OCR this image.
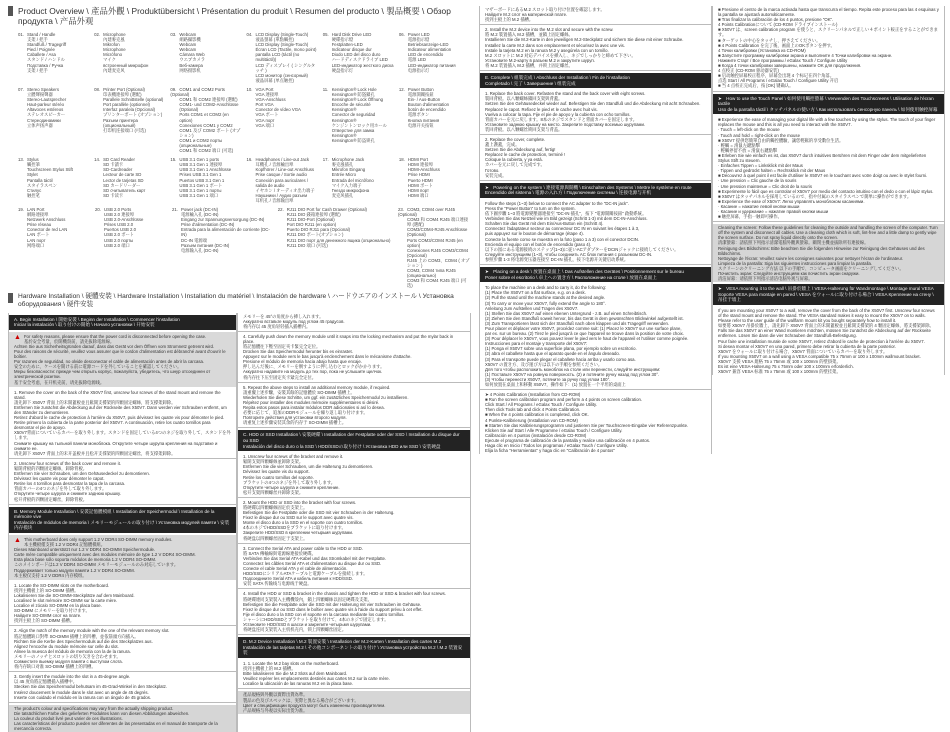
Product Overview \ 產品外觀 \ Produktübersicht \ Présentation du produit \ Resumen del producto \ 製品概要 \ Обзор продукта \ 产品外观
01. Stand / Handle
支架 / 把手
Standfuß / Tragegriff
Pied / Poignée
Caballete / Asa
スタンド / ハンドル
Подставка / Ручка
支架 / 把手
02. Microphone
內建麥克風
Mikrofon
Microphone
Micrófono
マイク
встроенный микрофон
內建麦克风
03. Webcam
網路攝影機
Webcam
Webcam
Cámara Web
ウエブカメラ
Веб-камера
网络摄影机
04. LCD Display (Single-Touch)
液晶螢幕 (單點觸控)
LCD Display (Single-Touch)
Écran LCD (Tactile, mono point)
pantalla LCD (táctil (no multitáctil))
LCD ディスプレイ ( シングルタッチ )
LCD монитор (сенсорный)
液晶屏幕 (单点触控)
05. Hard Disk Drive LED
硬碟指示燈
Festplatten-LED
Indicateur disque dur
Diodo LED del disco duro
ハードディスクドライブ LED
LED-индикатор жесткого диска
硬盘指示灯
06. Power LED
電源指示燈
Betriebsanzeige-LED
Indicateur alimentation
LED de encendido
電源 LED
LED-индикатор питания
电源指示灯
07. Stereo Speakers
立體聲揚聲器
Stereo-Lautsprecher
Haut-parleur stéréo
Altavoces estéreos
ステレオスピーカー
Стереодинамики
立体声扬声器
08. Printer Port (Optional)
印表機連接埠 (選配)
Parallele Schnittstelle (optional)
Port parallèle (optionnel)
Interfaz paralela (Opcional)
プリンターポート (オプション)
Разъем принтера (опциональный)
打印机连接端口 (可选)
09. COM1 and COM2 Ports (Optional)
COM1 和 COM2 連接埠 (選配)
COM1- und COM2-Anschlüsse (Optional)
Ports COM1 et COM2 (en option)
Conexiones COM1 y COM2
COM1 及び COM2 ポート (オプション)
COM1 и COM2 порты (опциональные)
COM1 和 COM2 端口 (可选)
10. VGA Port
VGA 連接埠
VGA-Anschluss
Port VGA
Conector de vídeo VGA
VGA ポート
VGA порт
VGA 端口
11. Kensington® Lock Hole
Kensington® 防盜鎖孔
Kensington® Lock Öffnung
Encoche de sécurité Kensington®
Conector de seguridad Kensington®
ケンジントンロック用ホール
Отверстие для замка Kensington®
Kensington® 防盗锁孔
12. Power Button
電源開關按鈕
Ein- / Aus-Button
Bouton d'alimentation
botón de encendido
電源ボタン
Кнопка питания
电源开关按钮
13. Stylus
觸控筆
Touchscreen Stylus Stift
Stylet
Pantalla táctil
スタイラスペン
Стилус
触控笔
14. SD Card Reader
SD 卡讀卡
SD-Cardreader
Lecteur de carte SD
Lector de tarjetas SD
SD カードリーダー
SD считыватель карт
SD 卡读卡
15. USB 3.1 Gen 1 ports
USB 3.1 Gen 1 連接埠
USB 3.1 Gen 1 Anschlüsse
Prises USB 3.1 Gen 1
Puertos USB 3.1 Gen 1
USB 3.1 Gen 1 ポート
USB 3.1 Gen 1 порты
USB 3.1 Gen 1 端口
16. Headphones / Line-out Jack
耳機孔 / 音源輸出埠
Kopfhörer / Line-out Anschluss
Prise casque / Sortie audio
Conexión para auriculares / salida de audio
イヤホン / オーディオ出力端子
Наушники / Аудио разъем
耳机孔 / 音源输出埠
17. Microphone Jack
麥克風插孔
Mikrofon Eingang
Entrée Micro
Entrada del micrófono
マイク入力端子
Гнездо микрофона
麦克风插孔
18. HDMI Port
HDMI 連接埠
HDMI-Anschluss
Prise HDMI
Puerto HDMI
HDMI ポート
HDMI порт
HDMI 端口
19. LAN Port
網路連接埠
Netzwerk Anschluss
Prise réseau
Conector de red LAN
LAN ポート
LAN порт
网络端口
20. USB 2.0 Ports
USB 2.0 連接埠
USB 2.0-Anschlüsse
Prises USB 2.0
Puertos USB 2.0
USB 2.0 ポート
USB 2.0 порты
USB 2.0 端口
21. Power jack (DC-IN)
電源輸入孔 (DC-IN)
Eingang zur Spannungsversorgung (DC-IN)
Prise d'alimentation (DC-IN)
Entrada para la alimentación de corriente (DC-IN)
DC-IN 電源端
Разъем питания (DC-IN)
电源输入孔 (DC-IN)
22. RJ11 DIO Port for Cash Drawer (Optional)
RJ11 DIO 錢箱連接埠 (選配)
RJ11 DIO-Port (Optional)
Port DIO RJ11 (en option)
Puerto DIO RJ11 para (Opcional)
RJ11 DIO ポート(オプション)
RJ11 DIO порт для денежного ящика (опционально)
RJ11 DIO 端口 (可选)
23. COM3, COM4 over RJ45 (Optional)
COM3 和 COM4 RJ45 端口連接埠 (選配)
COM3/COM4-RJ45 Anschlüsse (Optional)
Ports COM3/COM4 RJ45 (en option)
Conexiones RJ45 COM3/COM4 (Opcional)
RJ45 上の COM3、COM4 ( オプション )
COM3, COM4 типа RJ45 (опционально)
COM3 和 COM4 RJ45 端口 (可选)
Hardware Installation \ 硬體安裝 \ Hardware Installation \ Installation du matériel \ Instalación de hardware \ ハードウエアのインストール \ Установка оборудования \ 硬件安装
A. Begin Installation \ 開始安裝 \ Beginn der Installation \ Commencer l'installation
Iniciar la instalación \ 取り付けの開始 \ Начало установки \ 开始安装
▲ For safety reasons, please ensure that the power cord is disconnected before opening the case.
基於安全考量，於開機殼前，請先拔除電源線。
Achten Sie aus Sicherheitsgründen darauf, dass das Gerät vor dem Öffnen vom Stromnetz getrennt wird.
Pour des raisons de sécurité, veuillez vous assurer que le cordon d'alimentation est débranché avant d'ouvrir le boîtier.
Por razones de seguridad, no olvide desconectar el cable de alimentación antes de abrir la carcasa.
安全のために、ケースを開ける前に電源コードを外していることを確認してください。
Меры безопасности: прежде чем открыть корпус, пожалуйста, убедитесь, что шнур отсоединен от электрической розетки.
基于安全考虑，在开机壳前，请先拔除电源线。
1. Remove the cover on the back of the X50V7 first, unscrew four screws of the stand mount and remove the stand.
請先卸下 X50V7 背面上的未開蓋板並且鬆開支撐架的四顆固定螺絲，將支撐架卸除。
Entfernen Sie zunächst die Abdeckung auf der Rückseite des X50V7. Dann werden vier Schrauben entfernt, um den Ständer zu demontieren.
Retirez d'abord le cache de protection à l'arrière du X50V7, puis dévissez les quatre vis pour démonter le pied.
Retire primero la cubierta de la parte posterior del X50V7. A continuación, retire los cuatro tornillos para desmontar el pie de apoyo.
X50V7背面についているカバーを取り外します。スタンドを固定している4つのネジを取り外して、スタンドを外します。
Снимите крышку на тыльной панели моноблока. Открутите четыре шурупа крепления на подставке и снимите ее.
请先卸下 X50V7 背面上的未开盖板并且松开支撑架的四颗固定螺丝，将支撑架卸除。
2. Unscrew four screws of the back cover and remove it.
鬆開背板的四顆固定螺絲，卸除背板。
Entfernen Sie vier Schrauben, um den Gehäusedeckel zu demontieren.
Dévissez les quatre vis pour démonter le capot.
Retire los 4 tornillos para desmontar la tapa de la carcasa.
背面カバーの4つのネジを外して取り外します。
Открутите четыре шурупа и снимите заднюю крышку.
松开背板的四颗固定螺丝，卸除背板。
B. Memory Module Installation \ 安裝記憶體模組 \ Installation der Speichermodul \ Installation de la mémoire vive
Instalación de módulos de memoria \ メモリーモジュールの取り付け \ Установка модулей памяти \ 安装内存模块
▲ This motherboard does only support 1.2 V DDR4 SO-DIMM memory modules.
本主機板僅支援 1.2 V DDR4 記憶體模組。
Dieses Mainboard unterstützt nur 1.2 V DDR4 SO-DIMM Speichermodule.
Carte mère compatible uniquement avec des modules mémoire de type 1.2 V DDR4 SO-DIMM.
Esta placa base sólo soporta módulos de memoria 1.2 V DDR4 SO-DIMM.
このメインボードは1.2 V DDR4 SO-DIMM メモリーモジュールのみ対応しています。
Поддерживает только модули памяти 1.2 V DDR4 SO-DIMM.
本主板仅支持 1.2 V DDR4 内存模组。
1. Locate the SO-DIMM slots on the motherboard.
找到主機板上的 SO-DIMM 插槽。
Lokalisieren Sie die SO-DIMM-Steckplätze auf dem Mainboard.
Localisez le slot mémoire SO-DIMM sur la carte mère.
Localice el zócalo SO-DIMM en la placa base.
SO-DIMM にメモリーを取り付けます。
Найдите SO-DIMM слот на плате.
找到主板上的 SO-DIMM 插槽。
2. Align the notch of the memory module with the one of the relevant memory slot.
將記憶體缺口對準 SO-DIMM 插槽上的凹槽，並依箭頭方向插入。
Richten Sie die Kerbe des Speichermoduls auf die des Steckplatzes aus.
Alignez l'encoche du module mémoire sur celle du slot.
Alinee la muesca del módulo de memoria con la de la ranura.
メモリーのノッチとスロットの切り欠きを合わせます。
Совместите выемку модуля памяти с выступом слота.
将内存缺口对准 SO-DIMM 插槽上的凹槽。
3. Gently insert the module into the slot in a 45-degree angle.
以 45 度角將記憶體插入插槽中。
Stecken Sie das Speichermodul behutsam im 45-Grad-Winkel in den Steckplatz.
Insérez doucement le module dans le slot avec un angle de 45 degrés.
Inserte con cuidado el módulo en la ranura con un ángulo de 45 grados.
The product's colour and specifications may vary from the actually shipping product.
Die tatsächlichen Farbe des gelieferten Produktes kann von diesen Abbildungen abweichen.
La couleur du produit livré peut varier de ces illustrations.
Las características del producto pueden ser diferentes de las presentadas en el manual de transporte de la mercancía correcta.
メモリーを 45°の角度から挿し入れます。
Аккуратно вставьте модуль под углом 45 градусов.
将内存以 45 度角轻轻插入插槽内。
4. Carefully push down the memory module until it snaps into the locking mechanism and put the mylar back in place.
將記憶體往下壓至固定夾卡緊完全定位。
Drücken Sie das Speichermodul herunter bis es einrastet.
Appuyez sur le module vers le bas jusqu'à enclenchement dans le mécanisme d'attache.
Presione el módulo de memoria hacia abajo hasta que encaje.
押し込んだ後に、メモリーを倒すように押し込むとロックがかかります。
Аккуратно надавите на модуль до тех пор, пока не услышите щелчок.
将内存往下压至固定夹卡紧完全定位。
5. Repeat the above steps to install an additional memory module, if required.
請重覆上述步驟，安裝其餘的記憶體於 SO-DIMM 插槽上。
Wiederholen Sie diese Schritte, um ggf. ein zusätzliches Speichermodul zu installieren.
Répétez pour installer des modules mémoire supplémentaires si désiré.
Repita estos pasos para instalar módulos DDR adicionales si así lo desea.
必要に応じて、追加のDDRモジュールを繰り返し取り付けます。
Повторите действия для установки второго модуля.
请重复上述步骤安装其余的内存于 SO-DIMM 插槽上。
C. HDD or SSD Installation \ 安裝硬碟 \ Installation der Festplatte oder der SSD \ Installation du disque dur ou SSD
Instalación del disco duro o la SSD \ HDD/SSDの取り付け \ Установка HDD или SSD \ 安装硬盘
1. Unscrew four screws of the bracket and remove it.
鬆開支架四顆螺絲並卸除支架。
Entfernen Sie die vier Schrauben, um die Halterung zu demontieren.
Dévissez les quatre vis du support.
Retire los cuatro tornillos del soporte.
ブラケットの4つのネジを外して取り外します。
Открутите четыре шурупа и снимите крепление.
松开支架四颗螺丝并卸除支架。
2. Mount the HDD or SSD into the bracket with four screws.
將硬碟以四顆螺絲固定於支架上。
Befestigen Sie die Festplatte oder die SSD mit vier Schrauben in der Halterung.
Fixez le disque dur ou SSD sur le support avec quatre vis.
Monte el disco duro o la SSD en el soporte con cuatro tornillos.
4本のネジでHDD/SSDをブラケットに取り付けます。
Закрепите HDD/SSD в креплении четырьмя шурупами.
将硬盘以四颗螺丝固定于支架上。
3. Connect the Serial ATA and power cable to the HDD or SSD.
將 SATA 傳輸線與電源線連接於硬碟。
Verbinden Sie das Serial ATA-Kabel und das Stromkabel mit der Festplatte.
Connectez les câbles Serial ATA et d'alimentation au disque dur ou SSD.
Conecte el cable Serial ATA y el cable de alimentación.
HDD/SSDにシリアルATAケーブルと電源ケーブルを接続します。
Подсоедините Serial ATA и кабель питания к HDD/SSD.
安装 SATA 传输线与电源线于硬盘。
4. Install the HDD or SSD & bracket in the chassis and tighten the HDD or SSD & bracket with four screws.
將硬碟連同支架裝入主機機殼內，鎖上四顆螺絲以固定硬碟及支架。
Befestigen Sie die Festplatte oder die SSD mit der Halterung mit vier Schrauben im Gehäuse.
Fixez le disque dur ou SSD dans le boîtier avec quatre vis à l'aide du support prévu à cet effet.
Fije el disco duro o la SSD con el soporte en la carcasa mediante los cuatro tornillos.
シャーシにHDD/SSDとブラケットを取り付けて、4本のネジで固定します。
Установите HDD/SSD в шасси и закрепите четырьмя шурупами.
将硬盘连同支架装入主机机壳内，锁上四颗螺丝固定。
D. M.2 Device Installation \ M.2 裝置安裝 \ Installation der M.2-Karten \ Installation des cartes M.2
Instalación de las tarjetas M.2 \ その他コンポーネントの取り付け \ Установка устройства M.2 \ M.2 装置安装
1. 1. Locate the M.2 bay slots on the motherboard.
找到主機板上的 M.2 插槽。
Bitte lokalisieren Sie die M.2 Slots auf dem Mainboard.
Veuillez repérer les emplacements destinés aux cartes M.2 sur la carte mère.
Localice la ubicación de las ranuras M.2 en la placa base.
產品規格與外觀以實際出貨為準。
製品の色及びスペックは、実際と異なる場合がございます。
Цвет и спецификации продукта могут быть изменены производителем.
产品规格与外观以实际出货为准。
マザーボードにあるM.2 スロット取り付け位置を確認します。
Найдите M.2 слот на материнской плате.
找到主板上的 M.2 插槽。
2. Install the M.2 device into the M.2 slot and secure with the screw.
將 M.2 裝置插入 M.2 插槽，並鎖上固定螺絲。
Installieren Sie die M.2-Karte in den jeweiligen M.2-Steckplatz und sichern Sie diese mit einer Schraube.
Installez la carte M.2 dans son emplacement et sécurisez la avec une vis.
Instale la tarjeta M.2 en la ranura M.2 y asegúrela con un tornillo.
M.2 スロットに M.2 対応デバイスを挿入し、ネジでしっかりと締めて下さい。
Установите M.2-карту в разъем M.2 и закрутите шуруп.
将 M.2 装置插入 M.2 插槽，并锁上固定螺丝。
E. Complete \ 組裝完成 \ Abschluss der Installation \ Fin de l'installation
Completado \ 完了 \ Завершение \ 组装完成
1. Replace the back cover. Refasten the stand and the back cover with eight screws.
裝回背板。以八顆螺絲鎖回支架與背蓋。
Setzen Sie den Gehäusedeckel wieder auf. Befestigen Sie den Standfuß und die Abdeckung mit acht Schrauben.
Replacez le capot. Refixez le pied et le cache avec huit vis.
Vuelva a colocar la tapa. Fije el pie de apoyo y la cubierta con ocho tornillos.
背面カバーを元に戻します。8本のネジでスタンドと背面カバーを固定します。
Установите заднюю крышку на место. Закрепите подставку восемью шурупами.
装回背板。以八颗螺丝锁回支架与背盖。
2. Replace the cover, complete.
蓋上護蓋，完成。
Setzen Sie die Abdeckung auf, fertig!
Replacez le cache de protection, terminé !
Coloque la cubierta, y ya está.
カバーを元に戻して完成です。
Готово.
安装完成。
➤ Powering on the system \ 連接電源與開機 \ Einschalten des Systems \ Mettre le système en route
Encendido del sistema \ 電源の入れ方 \ Подключение системы \ 连接电源与开机
Follow the steps (1~3) below to connect the AC adapter to the "DC-IN jack".
Press the "Power Button" to turn on the system.
依下圖步驟 1~3 將電源變壓器連接至 "DC-IN 插孔"，按下 "電源開關按鈕" 啟動系統。
Verbinden Sie das Netzteil wie im Bild gezeigt (Schritt 1-3) mit dem DC-IN-Anschluss.
Schalten Sie das Gerät mit dem Ein/Aus-Button ein (Schritt 4).
Connectez l'adaptateur secteur au connecteur DC IN en suivant les étapes 1 à 3,
puis appuyez sur le bouton de démarrage (étape 4).
Conecte la fuente como se muestra en la foto (paso 1 a 3) con el conector DCIN.
Encienda el equipo con el botón de encendido (paso 4).
以下の図にある電源接続のステップ(1~3)に従いACアダプターをDCINジャックに接続してください。
Следуйте инструкциям (1~3), чтобы соединить AC блок питания с разъемом DC-IN.
参照步骤 1-3 将电源变压器连接至 DC-IN 插孔，按下电源开关键启动系统。
➤ Placing on a desk \ 放置在桌面上 \ Das Aufstellen des Gerätes \ Positionnement sur le bureau
Poner sobre el escritorio \ 卓上への置き方 \ Расположение на столе \ 放置在桌面上
To place the machine on a desk and to carry it, do the following:
(1) Place the X50V7 on a flat surface, e.g. on a desk.
(2) Pull the stand until the machine stands at the desired angle.
(3) To carry or move your X50V7, fully extend the angle to 180°.
Anleitung zum Aufstellen und Tragen des X50V7.
(1) Stellen Sie das X50V7 auf einen ebenen Untergrund - z.B. auf einen Schreibtisch.
(2) Ziehen Sie den Standfuß soweit hervor, bis das Gerät in dem gewünschten Blickwinkel aufgestellt ist.
(3) Zum Transportieren lässt sich der Standfuß nach oben klappen und als Tragegriff verwenden.
Pour placer et déplacer votre X50V7, procédez comme suit: (1) Placez le X50V7 sur une surface plane,
par ex. sur un bureau. (2) Tirez le pied jusqu'à ce que l'appareil se trouve dans la position de votre choix.
(3) Pour déplacer le X50V7, vous pouvez lever le pied vers le haut de l'appareil et l'utiliser comme poignée.
Instrucciones para el montaje y transporte del X50V7:
(1) Ponga el X50V7 sobre una superficie plana, por ejemplo sobre un escritorio.
(2) abra el caballete hasta que el aparato quede en el ángulo deseado.
(3) Para el transporte puede plegar el caballete hacia arriba y usarlo como asa.
X50V7 の置き方、及び運び方は以下の手順を参照ください。
Для того чтобы расположить моноблок на столе или перенести, следуйте инструкциям:
(1) Поставьте X50V7 на ровную поверхность. (2) и потяните ручку назад под углом 30°.
(3) Чтобы перенести X50V7, потяните за ручку под углом 180°.
如何放置在桌面上和移動 X50V7，操作如下：(1) 放置在一个平坦的桌面上
➤ 4 Points Calibration (Installation from CD-ROM)
■ Run the screen calibration program and perform a 4 points on screen calibration.
Click Start / All Programs / eGalax Touch / Configure Utility.
Then click Tools tab and click 4 Points Calibration.
■ When the 4 points calibration is completed, click OK.
4 Punkte-Kalibrierung (Installation von CD-ROM)
■ Starten Sie das Kalibrierungsprogramm und justieren Sie per Touchscreen-Eingabe vier Referenzpunkte.
Klicken Sie auf Start / Alle Programme / eGalax Touch / Configure Utility.
Calibración en 4 puntos (instalación desde CD-ROM)
Ejecute el programa de calibración de la pantalla y realice una calibración en 4 puntos.
Haga clic en Inicio / Todos los programas / eGalax Touch / Configure Utility.
Elija la ficha "Herramientas" y haga clic en "Calibración de 4 puntos"
■ Presione el centro de la marca activada hasta que transcurra el tiempo. Repita este proceso para las 4 esquinas y la pantalla se ajustará automáticamente.
■ Tras finalizar la calibración de los 4 puntos, presione "OK".
4 Points Calibrationについて (CD-ROM ドライブインストール)
■ X50V7 は、screen calibration program を使うと、スクリーンパネルで正しい４ポイント較正をすることができます。
■ ターゲットの中心をタッチし、押さえてください。
■ 4 Points Calibration を完了後、画面上のOKボタンを押す。
4 Точки калибровки (Установка из CD-ROM)
■ Запустите программу калибровки экрана и выполните 4 Точки калибровки на экране.
Нажмите Старт / Все программы / eGalax Touch / Configure Utility
■ Когда 4 точки калибровки завершены, нажмите OK для продолжения.
4 点校正 (CD-ROM 驱动器安装)
■ 启动触控屏幕校正程序，屏幕会出现 4 个标记在四个角落。
点选 Start / All Programs / eGalax Touch / Configure Utility 开启
■ 当 4 点校正完成后，按 [OK] 键确认。
➤ How to use the Touch Panel \ 如何使用觸控螢幕 \ Verwenden des Touchscreens \ Utilisation de l'écran tactile
Uso de la pantalla táctil \ タッチパネルの使い方 \ Как использовать сенсорную панель \ 如何使用触控屏幕
■ Experience the ease of managing your digital life with a few touches by using the stylus. The touch of your finger replaces the mouse and this is all you need to interact with the X50V7.
· Touch = left-click on the mouse
· Touch and hold = right-click on the mouse
■ X50V7 提供您簡單自由的觸控體驗，讓您輕鬆的享受數位生活。
· 輕觸 = 滑鼠左鍵點擊
· 輕觸停留不放 = 滑鼠右鍵點擊
■ Erleben Sie wie einfach es ist, das X50V7 durch intuitives Berühren mit dem Finger oder dem mitgelieferten Stylus Stift zu steuern.
· Einfaches Tippen = Linksklick mit der Maus
· Tippen und gedrückt halten = Rechtsklick mit der Maus
■ Découvrez à quel point il est facile d'utiliser le X50V7 en le touchant avec votre doigt ou avec le stylet fourni.
· Une pression = Clic gauche de la souris
· Une pression maintenue = Clic droit de la souris
■ Experimente lo fácil que es controlar el X50V7 por medio del contacto intuitivo con el dedo o con el lápiz stylus.
■ X50V7 はタッチパネルを採用しているので、指や付属のスタイラスペンで簡単に操作ができます。
■ Experience the ease of X50V7: Легко управлять моноблоком касаниями.
· Касание = нажатие левой кнопки мыши
· Касание и удержание = нажатие правой кнопки мыши
■ 触控屏幕，手指一触即可操作。
Cleaning the screen: Follow these guidelines for cleaning the outside and handling the screen of the computer. Turn off the system and disconnect all cables. Use a cleaning cloth which is soft, lint-free and a little damp to gently wipe the screen surface. Do not spray liquid directly onto the screen.
清潔螢幕：請依照下列指示清潔電腦外觀與螢幕。關閉主機並拔除所有連接線。
Reinigung des Bildschirms: Bitte beachten Sie die folgenden Hinweise zur Reinigung des Gehäuses und des Bildschirms.
Nettoyage de l'écran: Veuillez suivre les consignes suivantes pour nettoyer l'écran de l'ordinateur.
Limpieza de la pantalla: Siga las siguientes instrucciones para limpiar la pantalla.
スクリーンのクリーニング方法 以下の手順で、コンピュータ画面をクリーニングしてください。
Почистить экран: Следуйте инструкциям как почистить экран снаружи.
清洁屏幕：请依照下列指示清洁电脑外观与屏幕。
➤ VESA mounting it to the wall \ 吊掛於牆上 \ VESA-Halterung für Wandmontage \ Montage mural VESA
Soporte VESA para montaje en pared \ VESA をウォールに取り付ける場合 \ VESA Крепление на стену \ 吊挂于墙上
If you are mounting your X50V7 to a wall, remove the cover from the back of the X50V7 first. Unscrew four screws of the stand mount and remove the stand. The VESA standard makes it easy to mount the X50V7 on to walls. Please refer to the user guide of the wallfarm mount kit you bought separately how to install it.
如要將 X50V7 吊掛於牆上，請先卸下 X50V7 背面上的未開蓋板並且鬆開支撐架的 4 顆固定螺絲，將支撐架卸除。
Falls Sie das X50V7 an einer Wand montieren möchten, müssen Sie zunächst die Abdeckung auf der Rückseite entfernen. Lösen Sie dann die vier Schrauben der Standfuß-Befestigung.
Pour faire une installation murale de votre X50V7, retirez d'abord le cache de protection à l'arrière du X50V7.
Si desea montar el X50V7 en una pared, primero debe retirar la cubierta de la parte posterior.
X50V7 をウォールに取り付ける場合、X50V7 背面についているカバーを取り外します。
If you mounting X50V7 on a wall using a VESA compatible 75 x 75mm or 100 x 100mm wallmount bracket.
X50V7 支援 VESA 規格 75 x 75mm 或 100 x 100mm 的壁掛架。
Es ist eine VESA-Halterung 75 x 75mm oder 100 x 100mm erforderlich.
X50V7 兼容 VESA 标准 75 x 75mm 或 100 x 100mm 的壁挂架。
